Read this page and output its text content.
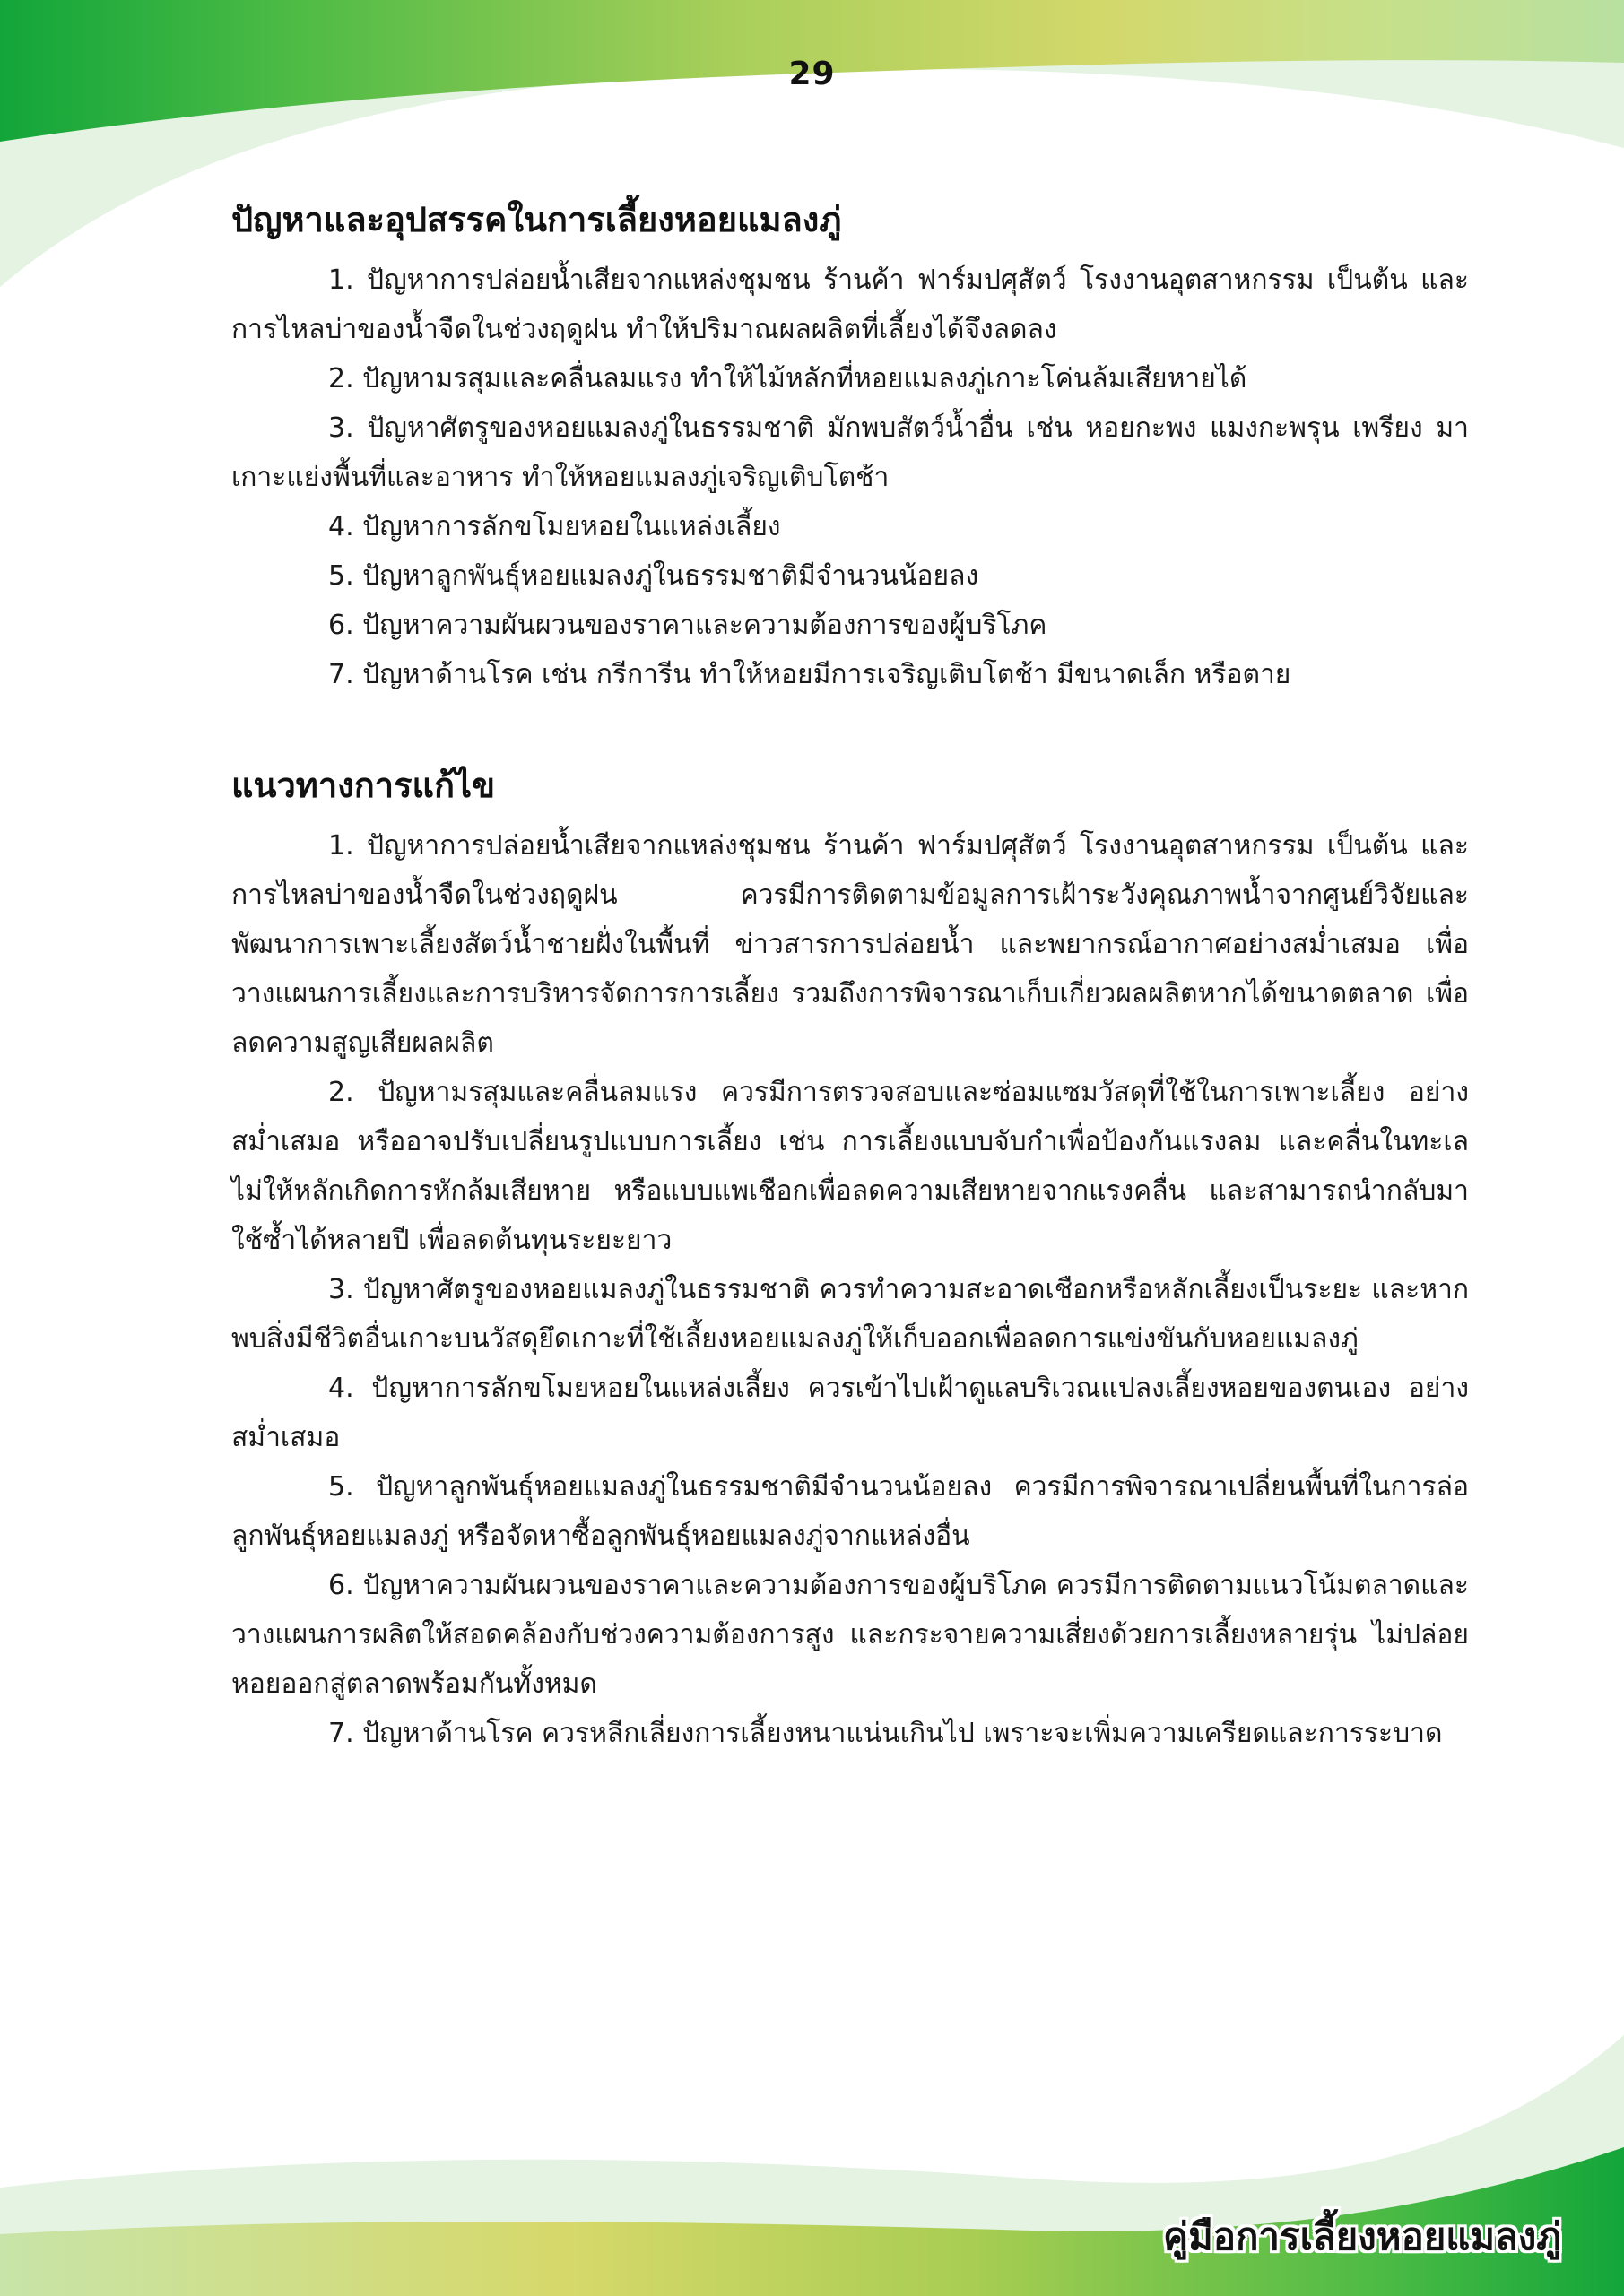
29
ปัญหาและอุปสรรคในการเลี้ยงหอยแมลงภู่

1. ปัญหาการปล่อยน้ำเสียจากแหล่งชุมชน ร้านค้า ฟาร์มปศุสัตว์ โรงงานอุตสาหกรรม เป็นต้น และการไหลบ่าของน้ำจืดในช่วงฤดูฝน ทำให้ปริมาณผลผลิตที่เลี้ยงได้จึงลดลง

2. ปัญหามรสุมและคลื่นลมแรง ทำให้ไม้หลักที่หอยแมลงภู่เกาะโค่นล้มเสียหายได้

3. ปัญหาศัตรูของหอยแมลงภู่ในธรรมชาติ มักพบสัตว์น้ำอื่น เช่น หอยกะพง แมงกะพรุน เพรียง มาเกาะแย่งพื้นที่และอาหาร ทำให้หอยแมลงภู่เจริญเติบโตช้า

4. ปัญหาการลักขโมยหอยในแหล่งเลี้ยง

5. ปัญหาลูกพันธุ์หอยแมลงภู่ในธรรมชาติมีจำนวนน้อยลง

6. ปัญหาความผันผวนของราคาและความต้องการของผู้บริโภค

7. ปัญหาด้านโรค เช่น กรีการีน ทำให้หอยมีการเจริญเติบโตช้า มีขนาดเล็ก หรือตาย

แนวทางการแก้ไข

1. ปัญหาการปล่อยน้ำเสียจากแหล่งชุมชน ร้านค้า ฟาร์มปศุสัตว์ โรงงานอุตสาหกรรม เป็นต้น และการไหลบ่าของน้ำจืดในช่วงฤดูฝน ควรมีการติดตามข้อมูลการเฝ้าระวังคุณภาพน้ำจากศูนย์วิจัยและพัฒนาการเพาะเลี้ยงสัตว์น้ำชายฝั่งในพื้นที่ ข่าวสารการปล่อยน้ำ และพยากรณ์อากาศอย่างสม่ำเสมอ เพื่อวางแผนการเลี้ยงและการบริหารจัดการการเลี้ยง รวมถึงการพิจารณาเก็บเกี่ยวผลผลิตหากได้ขนาดตลาด เพื่อลดความสูญเสียผลผลิต

2. ปัญหามรสุมและคลื่นลมแรง ควรมีการตรวจสอบและซ่อมแซมวัสดุที่ใช้ในการเพาะเลี้ยง อย่างสม่ำเสมอ หรืออาจปรับเปลี่ยนรูปแบบการเลี้ยง เช่น การเลี้ยงแบบจับกำเพื่อป้องกันแรงลม และคลื่นในทะเล ไม่ให้หลักเกิดการหักล้มเสียหาย หรือแบบแพเชือกเพื่อลดความเสียหายจากแรงคลื่น และสามารถนำกลับมาใช้ซ้ำได้หลายปี เพื่อลดต้นทุนระยะยาว

3. ปัญหาศัตรูของหอยแมลงภู่ในธรรมชาติ ควรทำความสะอาดเชือกหรือหลักเลี้ยงเป็นระยะ และหากพบสิ่งมีชีวิตอื่นเกาะบนวัสดุยึดเกาะที่ใช้เลี้ยงหอยแมลงภู่ให้เก็บออกเพื่อลดการแข่งขันกับหอยแมลงภู่

4. ปัญหาการลักขโมยหอยในแหล่งเลี้ยง ควรเข้าไปเฝ้าดูแลบริเวณแปลงเลี้ยงหอยของตนเอง อย่างสม่ำเสมอ

5. ปัญหาลูกพันธุ์หอยแมลงภู่ในธรรมชาติมีจำนวนน้อยลง ควรมีการพิจารณาเปลี่ยนพื้นที่ในการล่อลูกพันธุ์หอยแมลงภู่ หรือจัดหาซื้อลูกพันธุ์หอยแมลงภู่จากแหล่งอื่น

6. ปัญหาความผันผวนของราคาและความต้องการของผู้บริโภค ควรมีการติดตามแนวโน้มตลาดและวางแผนการผลิตให้สอดคล้องกับช่วงความต้องการสูง และกระจายความเสี่ยงด้วยการเลี้ยงหลายรุ่น ไม่ปล่อยหอยออกสู่ตลาดพร้อมกันทั้งหมด

7. ปัญหาด้านโรค ควรหลีกเลี่ยงการเลี้ยงหนาแน่นเกินไป เพราะจะเพิ่มความเครียดและการระบาด

คู่มือการเลี้ยงหอยแมลงภู่
